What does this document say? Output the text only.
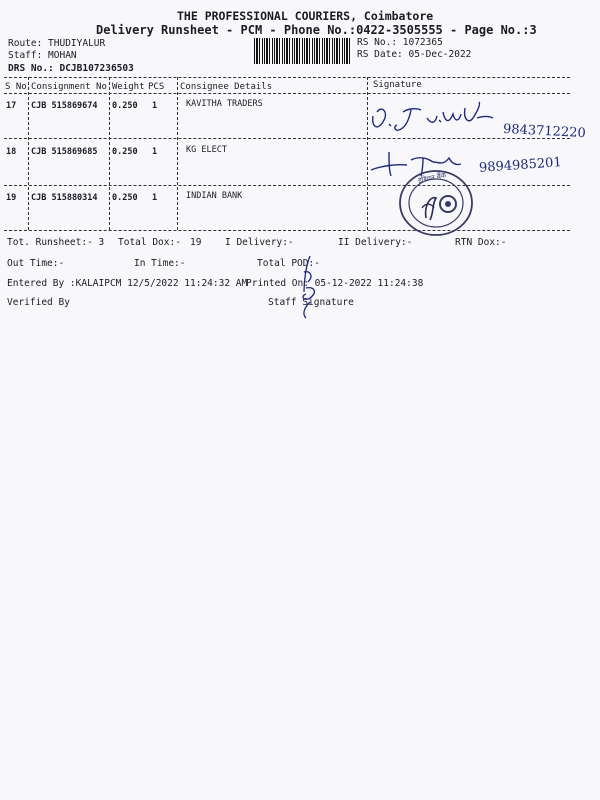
THE PROFESSIONAL COURIERS, Coimbatore
Delivery Runsheet - PCM - Phone No.:0422-3505555 - Page No.:3
Route: THUDIYALUR
Staff: MOHAN
DRS No.: DCJB107236503
RS No.: 1072365
RS Date: 05-Dec-2022
S No Consignment No Weight PCS Consignee Details	Signature
17 CJB 515869674 0.250 1	KAVITHA TRADERS
18 CJB 515869685 0.250 1	KG ELECT
19 CJB 515880314 0.250 1	INDIAN BANK
9843712220
9894985201
इंडियन बैंक
Tot. Runsheet:- 3 Total Dox:- 19 I Delivery:-	II Delivery:-	RTN Dox:-
Out Time:-	In Time:-	Total POD:-
Entered By :KALAIPCM 12/5/2022 11:24:32 AM
Printed On: 05-12-2022 11:24:38
Verified By	Staff Signature
